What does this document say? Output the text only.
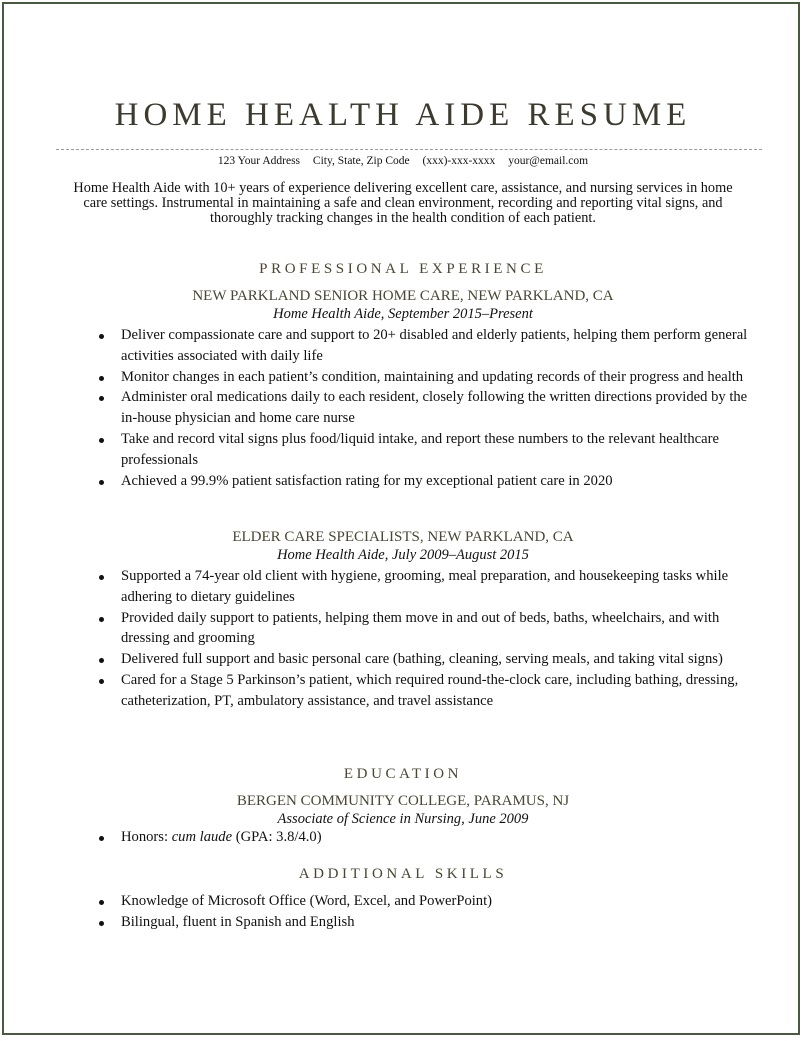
HOME HEALTH AIDE RESUME
123 Your Address City, State, Zip Code (xxx)-xxx-xxxx your@email.com
Home Health Aide with 10+ years of experience delivering excellent care, assistance, and nursing services in home care settings. Instrumental in maintaining a safe and clean environment, recording and reporting vital signs, and thoroughly tracking changes in the health condition of each patient.
PROFESSIONAL EXPERIENCE
NEW PARKLAND SENIOR HOME CARE, NEW PARKLAND, CA
Home Health Aide, September 2015–Present
Deliver compassionate care and support to 20+ disabled and elderly patients, helping them perform general activities associated with daily life
Monitor changes in each patient’s condition, maintaining and updating records of their progress and health
Administer oral medications daily to each resident, closely following the written directions provided by the in-house physician and home care nurse
Take and record vital signs plus food/liquid intake, and report these numbers to the relevant healthcare professionals
Achieved a 99.9% patient satisfaction rating for my exceptional patient care in 2020
ELDER CARE SPECIALISTS, NEW PARKLAND, CA
Home Health Aide, July 2009–August 2015
Supported a 74-year old client with hygiene, grooming, meal preparation, and housekeeping tasks while adhering to dietary guidelines
Provided daily support to patients, helping them move in and out of beds, baths, wheelchairs, and with dressing and grooming
Delivered full support and basic personal care (bathing, cleaning, serving meals, and taking vital signs)
Cared for a Stage 5 Parkinson’s patient, which required round-the-clock care, including bathing, dressing, catheterization, PT, ambulatory assistance, and travel assistance
EDUCATION
BERGEN COMMUNITY COLLEGE, PARAMUS, NJ
Associate of Science in Nursing, June 2009
Honors: cum laude (GPA: 3.8/4.0)
ADDITIONAL SKILLS
Knowledge of Microsoft Office (Word, Excel, and PowerPoint)
Bilingual, fluent in Spanish and English
